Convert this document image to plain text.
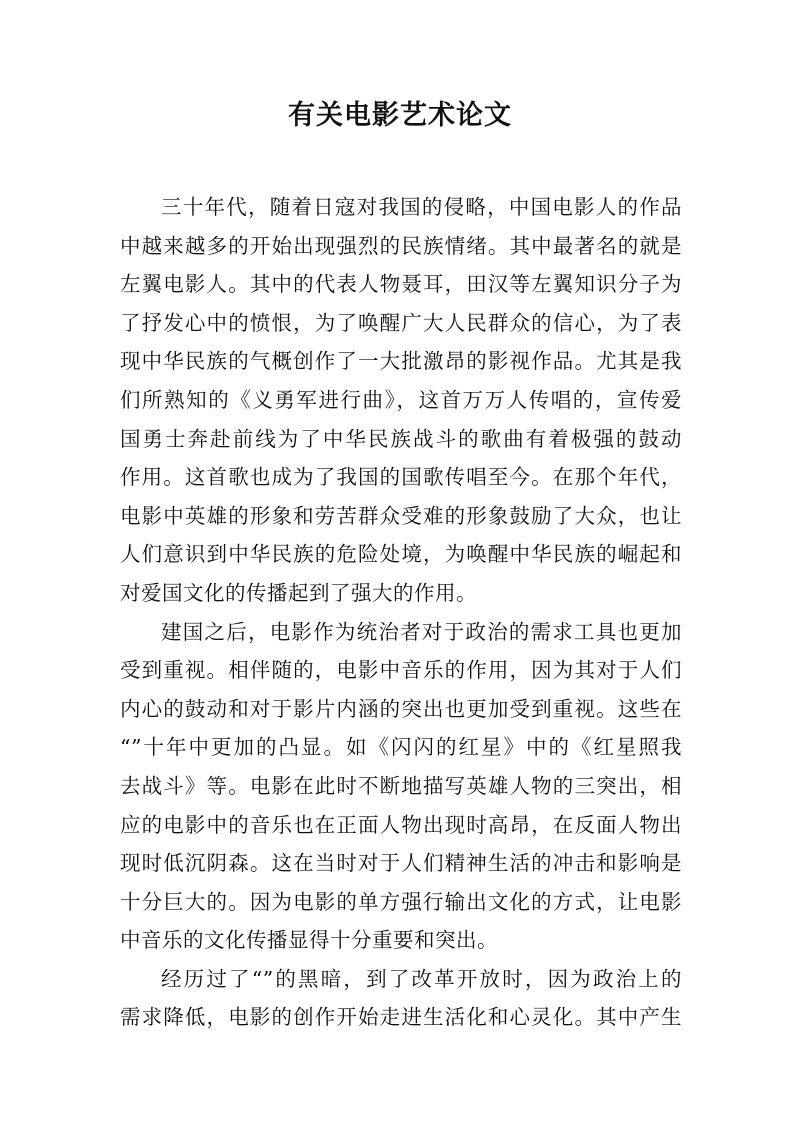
有关电影艺术论文
三十年代，随着日寇对我国的侵略，中国电影人的作品
中越来越多的开始出现强烈的民族情绪。其中最著名的就是
左翼电影人。其中的代表人物聂耳，田汉等左翼知识分子为
了抒发心中的愤恨，为了唤醒广大人民群众的信心，为了表
现中华民族的气概创作了一大批激昂的影视作品。尤其是我
们所熟知的《义勇军进行曲》，这首万万人传唱的，宣传爱
国勇士奔赴前线为了中华民族战斗的歌曲有着极强的鼓动
作用。这首歌也成为了我国的国歌传唱至今。在那个年代，
电影中英雄的形象和劳苦群众受难的形象鼓励了大众，也让
人们意识到中华民族的危险处境，为唤醒中华民族的崛起和
对爱国文化的传播起到了强大的作用。
建国之后，电影作为统治者对于政治的需求工具也更加
受到重视。相伴随的，电影中音乐的作用，因为其对于人们
内心的鼓动和对于影片内涵的突出也更加受到重视。这些在
“”十年中更加的凸显。如《闪闪的红星》中的《红星照我
去战斗》等。电影在此时不断地描写英雄人物的三突出，相
应的电影中的音乐也在正面人物出现时高昂，在反面人物出
现时低沉阴森。这在当时对于人们精神生活的冲击和影响是
十分巨大的。因为电影的单方强行输出文化的方式，让电影
中音乐的文化传播显得十分重要和突出。
经历过了“”的黑暗，到了改革开放时，因为政治上的
需求降低，电影的创作开始走进生活化和心灵化。其中产生
